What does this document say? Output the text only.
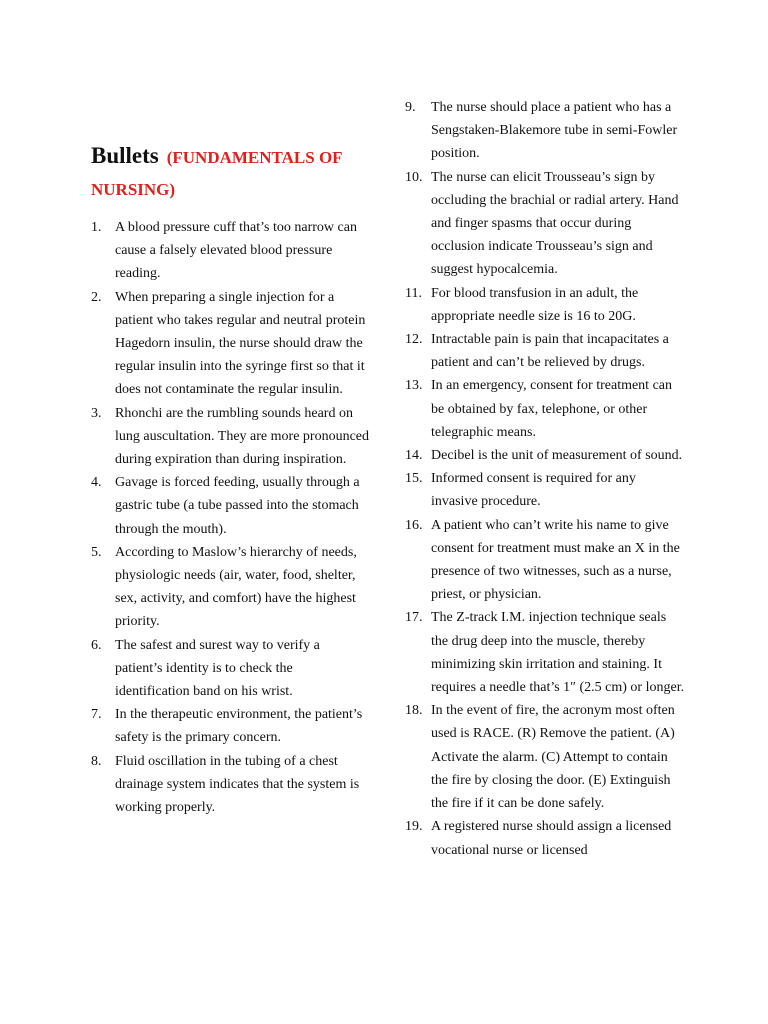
Bullets (FUNDAMENTALS OF NURSING)
1. A blood pressure cuff that’s too narrow can cause a falsely elevated blood pressure reading.
2. When preparing a single injection for a patient who takes regular and neutral protein Hagedorn insulin, the nurse should draw the regular insulin into the syringe first so that it does not contaminate the regular insulin.
3. Rhonchi are the rumbling sounds heard on lung auscultation. They are more pronounced during expiration than during inspiration.
4. Gavage is forced feeding, usually through a gastric tube (a tube passed into the stomach through the mouth).
5. According to Maslow’s hierarchy of needs, physiologic needs (air, water, food, shelter, sex, activity, and comfort) have the highest priority.
6. The safest and surest way to verify a patient’s identity is to check the identification band on his wrist.
7. In the therapeutic environment, the patient’s safety is the primary concern.
8. Fluid oscillation in the tubing of a chest drainage system indicates that the system is working properly.
9.	The nurse should place a patient who has a Sengstaken-Blakemore tube in semi-Fowler position.
10. The nurse can elicit Trousseau’s sign by occluding the brachial or radial artery. Hand and finger spasms that occur during occlusion indicate Trousseau’s sign and suggest hypocalcemia.
11. For blood transfusion in an adult, the appropriate needle size is 16 to 20G.
12. Intractable pain is pain that incapacitates a patient and can’t be relieved by drugs.
13. In an emergency, consent for treatment can be obtained by fax, telephone, or other telegraphic means.
14. Decibel is the unit of measurement of sound.
15. Informed consent is required for any invasive procedure.
16. A patient who can’t write his name to give consent for treatment must make an X in the presence of two witnesses, such as a nurse, priest, or physician.
17. The Z-track I.M. injection technique seals the drug deep into the muscle, thereby minimizing skin irritation and staining. It requires a needle that’s 1″ (2.5 cm) or longer.
18. In the event of fire, the acronym most often used is RACE. (R) Remove the patient. (A) Activate the alarm. (C) Attempt to contain the fire by closing the door. (E) Extinguish the fire if it can be done safely.
19. A registered nurse should assign a licensed vocational nurse or licensed
